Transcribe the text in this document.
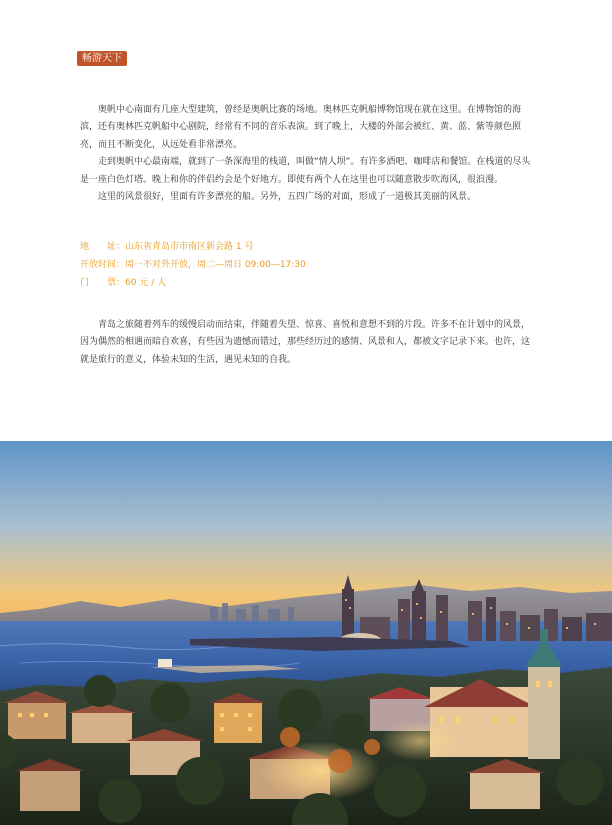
畅游天下

奥帆中心南面有几座大型建筑，曾经是奥帆比赛的场地。奥林匹克帆船博物馆现在就在这里。在博物馆的海滨，还有奥林匹克帆船中心剧院，经常有不同的音乐表演。到了晚上，大楼的外部会被红、黄、蓝、紫等颜色照亮，而且不断变化，从远处看非常漂亮。

走到奥帆中心最南端，就到了一条深海里的栈道，叫做“情人坝”。有许多酒吧、咖啡店和餐馆。在栈道的尽头是一座白色灯塔。晚上和你的伴侣约会是个好地方。即使有两个人在这里也可以随意散步吹海风，很浪漫。

这里的风景很好，里面有许多漂亮的船。另外，五四广场的对面，形成了一道极其美丽的风景。

地　　址：山东省青岛市市南区新会路 1 号
开放时间：周一不对外开放，周二—周日 09:00—17:30
门　　票：60 元 / 人

青岛之旅随着列车的缓慢启动而结束，伴随着失望、惊喜、喜悦和意想不到的片段。许多不在计划中的风景，因为偶然的相遇而暗自欢喜，有些因为遗憾而错过，那些经历过的感情、风景和人，都被文字记录下来。也许，这就是旅行的意义，体验未知的生活，遇见未知的自我。
